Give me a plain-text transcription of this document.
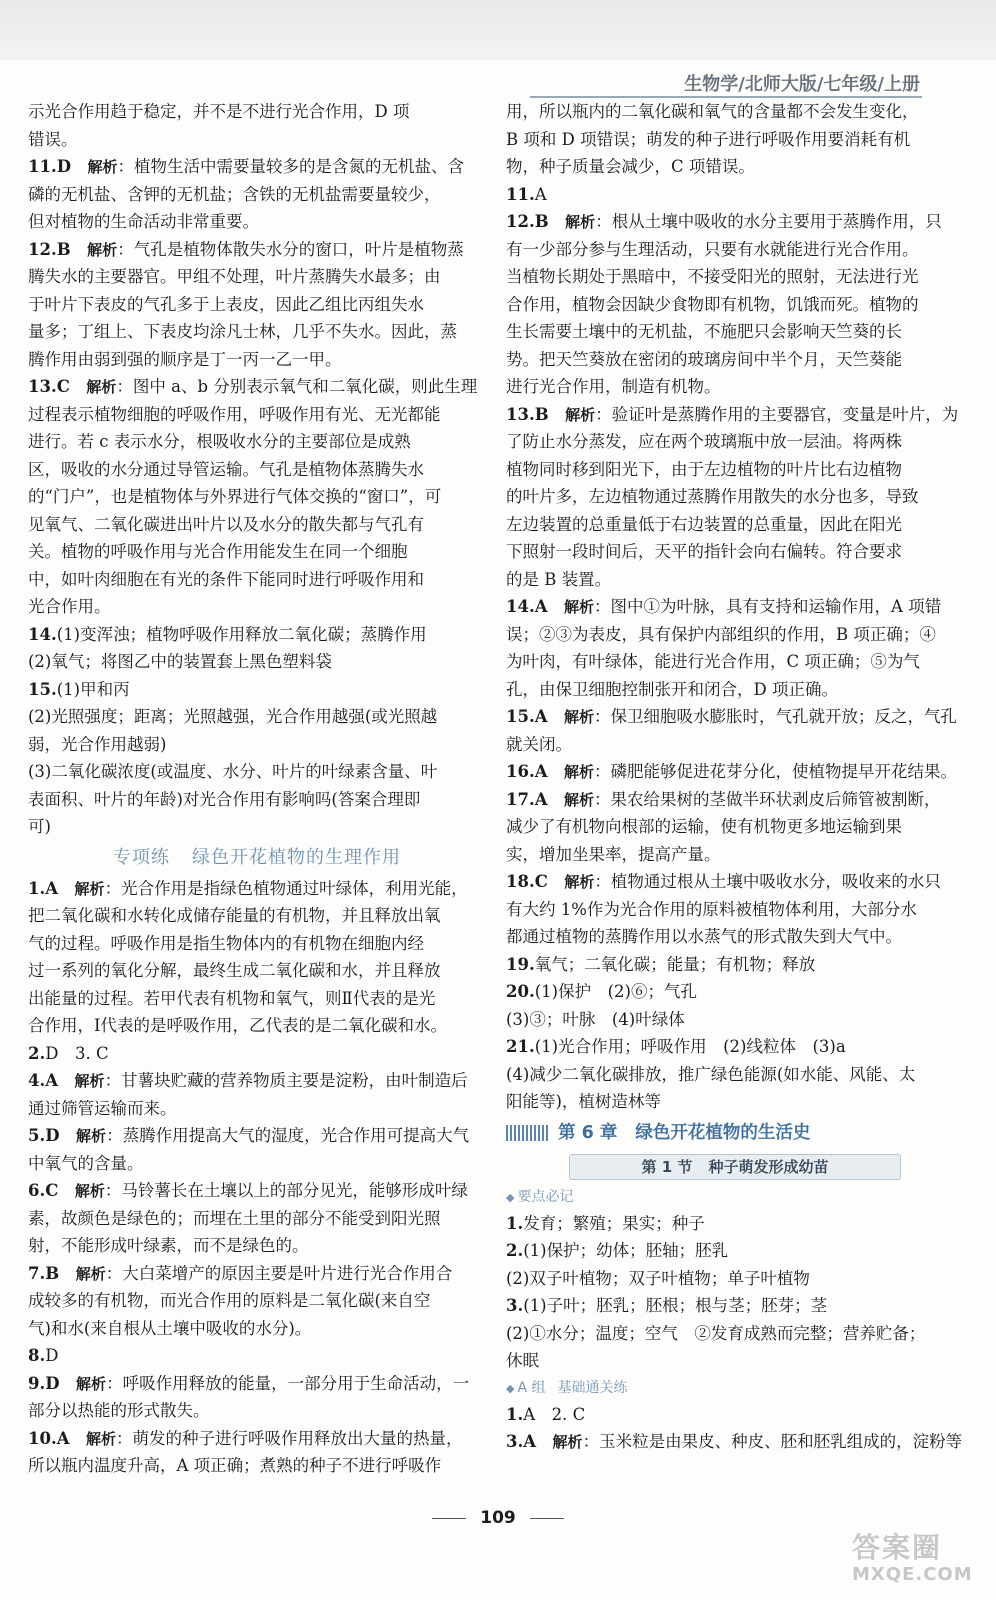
生物学/北师大版/七年级/上册
示光合作用趋于稳定，并不是不进行光合作用，D 项
错误。
11.D　解析：植物生活中需要量较多的是含氮的无机盐、含
磷的无机盐、含钾的无机盐；含铁的无机盐需要量较少，
但对植物的生命活动非常重要。
12.B　解析：气孔是植物体散失水分的窗口，叶片是植物蒸
腾失水的主要器官。甲组不处理，叶片蒸腾失水最多；由
于叶片下表皮的气孔多于上表皮，因此乙组比丙组失水
量多；丁组上、下表皮均涂凡士林，几乎不失水。因此，蒸
腾作用由弱到强的顺序是丁一丙一乙一甲。
13.C　解析：图中 a、b 分别表示氧气和二氧化碳，则此生理
过程表示植物细胞的呼吸作用，呼吸作用有光、无光都能
进行。若 c 表示水分，根吸收水分的主要部位是成熟
区，吸收的水分通过导管运输。气孔是植物体蒸腾失水
的“门户”，也是植物体与外界进行气体交换的“窗口”，可
见氧气、二氧化碳进出叶片以及水分的散失都与气孔有
关。植物的呼吸作用与光合作用能发生在同一个细胞
中，如叶肉细胞在有光的条件下能同时进行呼吸作用和
光合作用。
14.(1)变浑浊；植物呼吸作用释放二氧化碳；蒸腾作用
(2)氧气；将图乙中的装置套上黑色塑料袋
15.(1)甲和丙
(2)光照强度；距离；光照越强，光合作用越强(或光照越
弱，光合作用越弱)
(3)二氧化碳浓度(或温度、水分、叶片的叶绿素含量、叶
表面积、叶片的年龄)对光合作用有影响吗(答案合理即
可)
专项练 绿色开花植物的生理作用
1.A　解析：光合作用是指绿色植物通过叶绿体，利用光能，
把二氧化碳和水转化成储存能量的有机物，并且释放出氧
气的过程。呼吸作用是指生物体内的有机物在细胞内经
过一系列的氧化分解，最终生成二氧化碳和水，并且释放
出能量的过程。若甲代表有机物和氧气，则Ⅱ代表的是光
合作用，Ⅰ代表的是呼吸作用，乙代表的是二氧化碳和水。
2.D　3. C
4.A　解析：甘薯块贮藏的营养物质主要是淀粉，由叶制造后
通过筛管运输而来。
5.D　解析：蒸腾作用提高大气的湿度，光合作用可提高大气
中氧气的含量。
6.C　解析：马铃薯长在土壤以上的部分见光，能够形成叶绿
素，故颜色是绿色的；而埋在土里的部分不能受到阳光照
射，不能形成叶绿素，而不是绿色的。
7.B　解析：大白菜增产的原因主要是叶片进行光合作用合
成较多的有机物，而光合作用的原料是二氧化碳(来自空
气)和水(来自根从土壤中吸收的水分)。
8.D
9.D　解析：呼吸作用释放的能量，一部分用于生命活动，一
部分以热能的形式散失。
10.A　解析：萌发的种子进行呼吸作用释放出大量的热量，
所以瓶内温度升高，A 项正确；煮熟的种子不进行呼吸作
用，所以瓶内的二氧化碳和氧气的含量都不会发生变化，
B 项和 D 项错误；萌发的种子进行呼吸作用要消耗有机
物，种子质量会减少，C 项错误。
11.A
12.B　解析：根从土壤中吸收的水分主要用于蒸腾作用，只
有一少部分参与生理活动，只要有水就能进行光合作用。
当植物长期处于黑暗中，不接受阳光的照射，无法进行光
合作用，植物会因缺少食物即有机物，饥饿而死。植物的
生长需要土壤中的无机盐，不施肥只会影响天竺葵的长
势。把天竺葵放在密闭的玻璃房间中半个月，天竺葵能
进行光合作用，制造有机物。
13.B　解析：验证叶是蒸腾作用的主要器官，变量是叶片，为
了防止水分蒸发，应在两个玻璃瓶中放一层油。将两株
植物同时移到阳光下，由于左边植物的叶片比右边植物
的叶片多，左边植物通过蒸腾作用散失的水分也多，导致
左边装置的总重量低于右边装置的总重量，因此在阳光
下照射一段时间后，天平的指针会向右偏转。符合要求
的是 B 装置。
14.A　解析：图中①为叶脉，具有支持和运输作用，A 项错
误；②③为表皮，具有保护内部组织的作用，B 项正确；④
为叶肉，有叶绿体，能进行光合作用，C 项正确；⑤为气
孔，由保卫细胞控制张开和闭合，D 项正确。
15.A　解析：保卫细胞吸水膨胀时，气孔就开放；反之，气孔
就关闭。
16.A　解析：磷肥能够促进花芽分化，使植物提早开花结果。
17.A　解析：果农给果树的茎做半环状剥皮后筛管被割断，
减少了有机物向根部的运输，使有机物更多地运输到果
实，增加坐果率，提高产量。
18.C　解析：植物通过根从土壤中吸收水分，吸收来的水只
有大约 1%作为光合作用的原料被植物体利用，大部分水
都通过植物的蒸腾作用以水蒸气的形式散失到大气中。
19.氧气；二氧化碳；能量；有机物；释放
20.(1)保护　(2)⑥；气孔
(3)③；叶脉　(4)叶绿体
21.(1)光合作用；呼吸作用　(2)线粒体　(3)a
(4)减少二氧化碳排放，推广绿色能源(如水能、风能、太
阳能等)，植树造林等
第 6 章 绿色开花植物的生活史
第 1 节 种子萌发形成幼苗
◆ 要点必记
1.发育；繁殖；果实；种子
2.(1)保护；幼体；胚轴；胚乳
(2)双子叶植物；双子叶植物；单子叶植物
3.(1)子叶；胚乳；胚根；根与茎；胚芽；茎
(2)①水分；温度；空气　②发育成熟而完整；营养贮备；
休眠
◆ A 组 基础通关练
1.A　2. C
3.A　解析：玉米粒是由果皮、种皮、胚和胚乳组成的，淀粉等
109
答案圈
MXQE.COM
